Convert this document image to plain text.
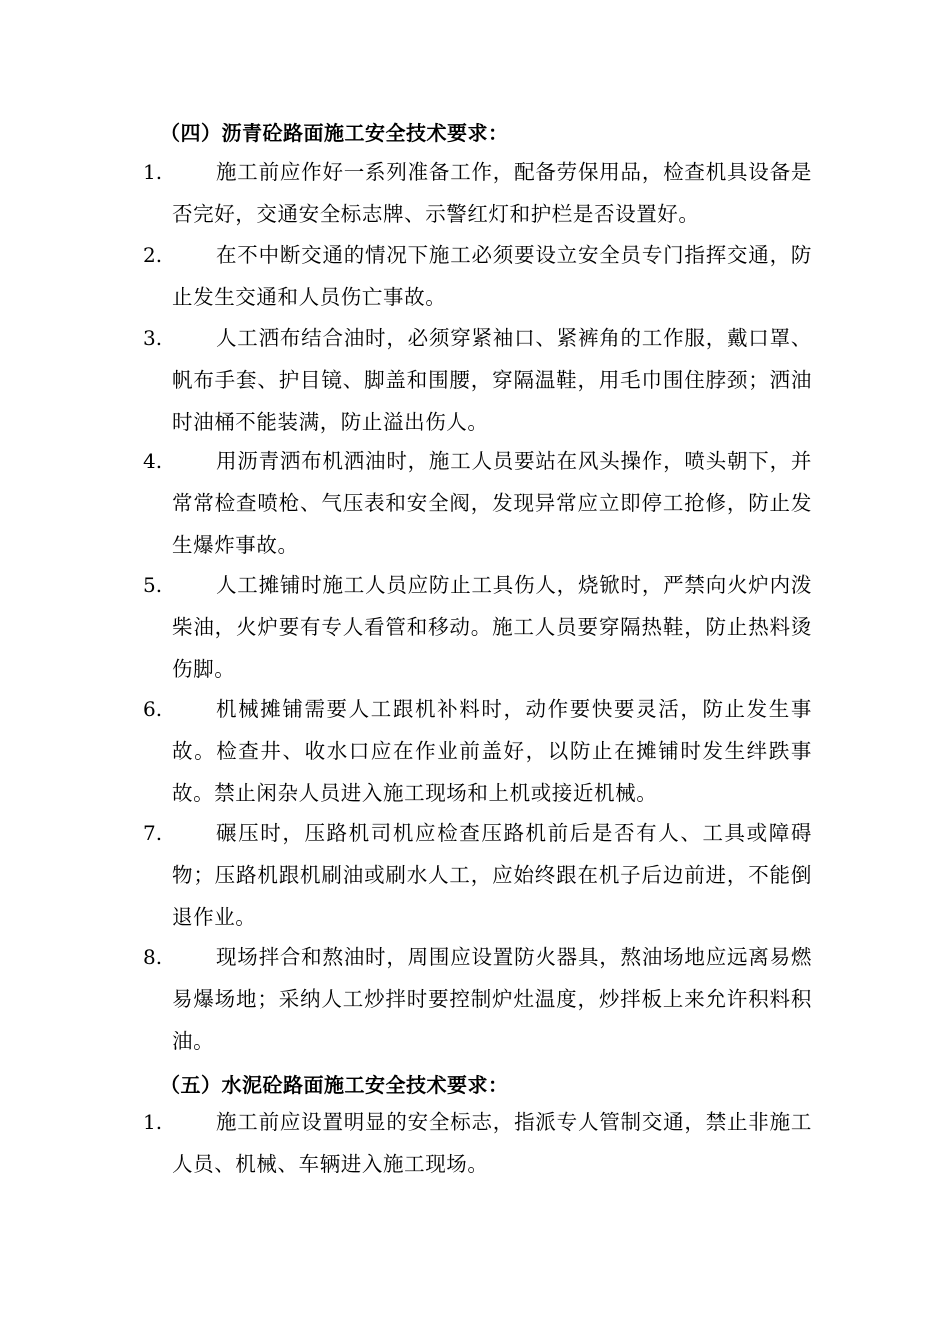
（四）沥青砼路面施工安全技术要求：
1.	施工前应作好一系列准备工作，配备劳保用品，检查机具设备是否完好，交通安全标志牌、示警红灯和护栏是否设置好。
2.	在不中断交通的情况下施工必须要设立安全员专门指挥交通，防止发生交通和人员伤亡事故。
3.	人工洒布结合油时，必须穿紧袖口、紧裤角的工作服，戴口罩、帆布手套、护目镜、脚盖和围腰，穿隔温鞋，用毛巾围住脖颈；洒油时油桶不能装满，防止溢出伤人。
4.	用沥青洒布机洒油时，施工人员要站在风头操作，喷头朝下，并常常检查喷枪、气压表和安全阀，发现异常应立即停工抢修，防止发生爆炸事故。
5.	人工摊铺时施工人员应防止工具伤人，烧锨时，严禁向火炉内泼柴油，火炉要有专人看管和移动。施工人员要穿隔热鞋，防止热料烫伤脚。
6.	机械摊铺需要人工跟机补料时，动作要快要灵活，防止发生事故。检查井、收水口应在作业前盖好，以防止在摊铺时发生绊跌事故。禁止闲杂人员进入施工现场和上机或接近机械。
7.	碾压时，压路机司机应检查压路机前后是否有人、工具或障碍物；压路机跟机刷油或刷水人工，应始终跟在机子后边前进，不能倒退作业。
8.	现场拌合和熬油时，周围应设置防火器具，熬油场地应远离易燃易爆场地；采纳人工炒拌时要控制炉灶温度，炒拌板上来允许积料积油。
（五）水泥砼路面施工安全技术要求：
1.	施工前应设置明显的安全标志，指派专人管制交通，禁止非施工人员、机械、车辆进入施工现场。
